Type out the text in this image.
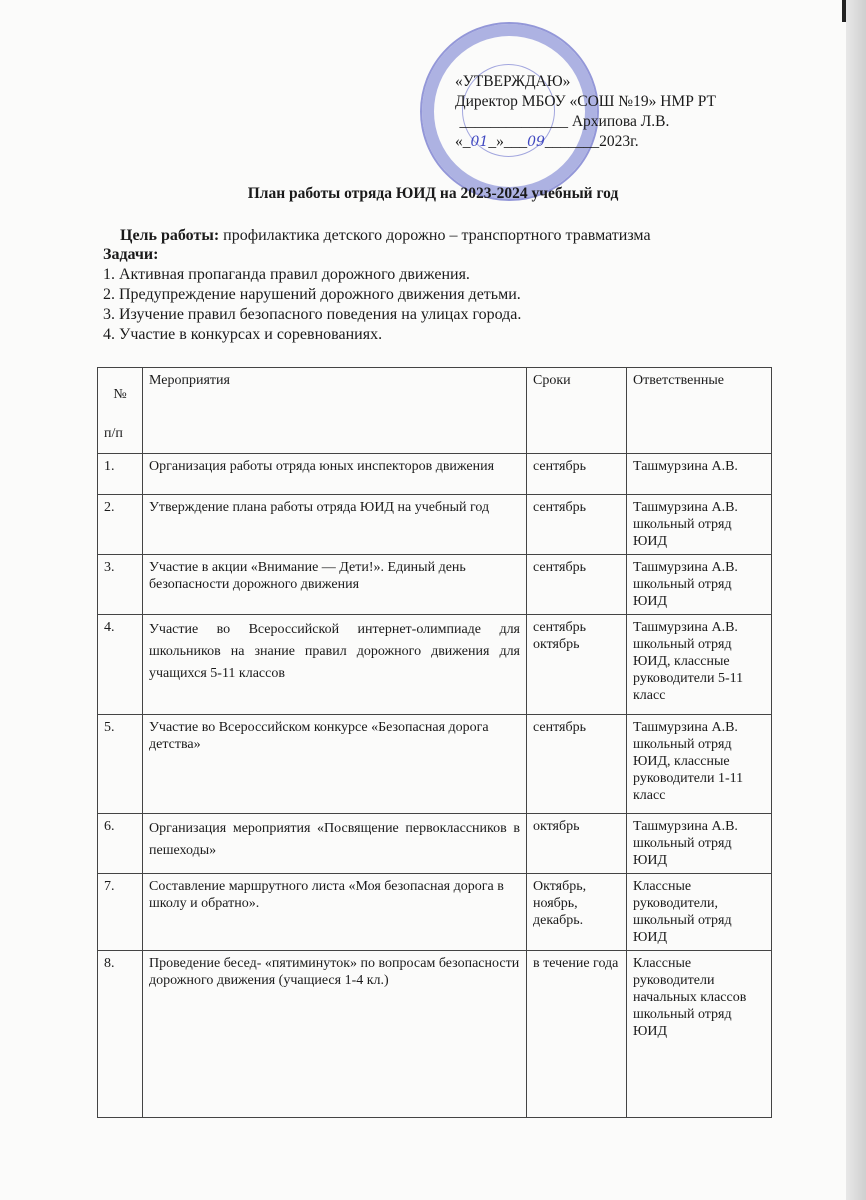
«УТВЕРЖДАЮ»
Директор МБОУ «СОШ №19» НМР РТ
______________ Архипова Л.В.
«_01_»___09_______2023г.
План работы отряда ЮИД на 2023-2024 учебный год
Цель работы: профилактика детского дорожно – транспортного травматизма
Задачи:
1. Активная пропаганда правил дорожного движения.
2. Предупреждение нарушений дорожного движения детьми.
3. Изучение правил безопасного поведения на улицах города.
4. Участие в конкурсах и соревнованиях.
№
п/п	Мероприятия	Сроки	Ответственные
1.	Организация работы отряда юных инспекторов движения	сентябрь	Ташмурзина А.В.
2.	Утверждение плана работы отряда ЮИД на учебный год	сентябрь	Ташмурзина А.В. школьный отряд ЮИД
3.	Участие в акции «Внимание — Дети!». Единый день безопасности дорожного движения	сентябрь	Ташмурзина А.В. школьный отряд ЮИД
4.	Участие во Всероссийской интернет-олимпиаде для школьников на знание правил дорожного движения для учащихся 5-11 классов	сентябрь октябрь	Ташмурзина А.В. школьный отряд ЮИД, классные руководители 5-11 класс
5.	Участие во Всероссийском конкурсе «Безопасная дорога детства»	сентябрь	Ташмурзина А.В. школьный отряд ЮИД, классные руководители 1-11 класс
6.	Организация мероприятия «Посвящение первоклассников в пешеходы»	октябрь	Ташмурзина А.В. школьный отряд ЮИД
7.	Составление маршрутного листа «Моя безопасная дорога в школу и обратно».	Октябрь, ноябрь, декабрь.	Классные руководители, школьный отряд ЮИД
8.	Проведение бесед- «пятиминуток» по вопросам безопасности дорожного движения (учащиеся 1-4 кл.)	в течение года	Классные руководители начальных классов школьный отряд ЮИД
